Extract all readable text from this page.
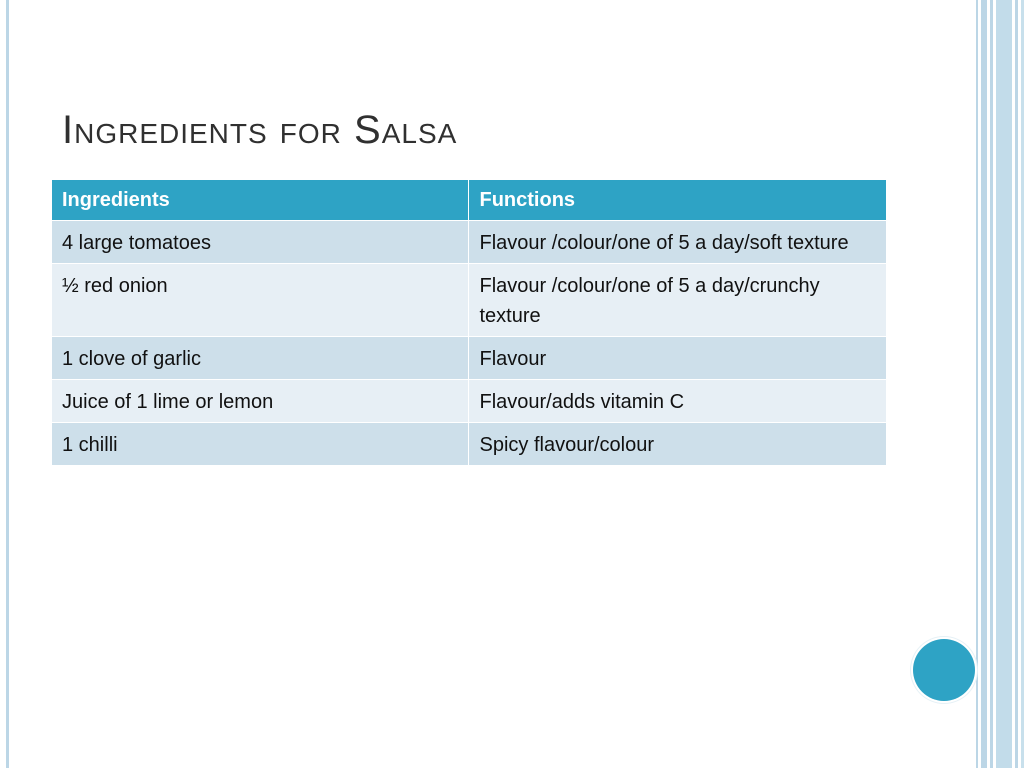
Ingredients for Salsa
Ingredients	Functions
4 large tomatoes	Flavour /colour/one of 5 a day/soft texture
½ red onion	Flavour /colour/one of 5 a day/crunchy texture
1 clove of garlic	Flavour
Juice of 1 lime or lemon	Flavour/adds vitamin C
1 chilli	Spicy flavour/colour
